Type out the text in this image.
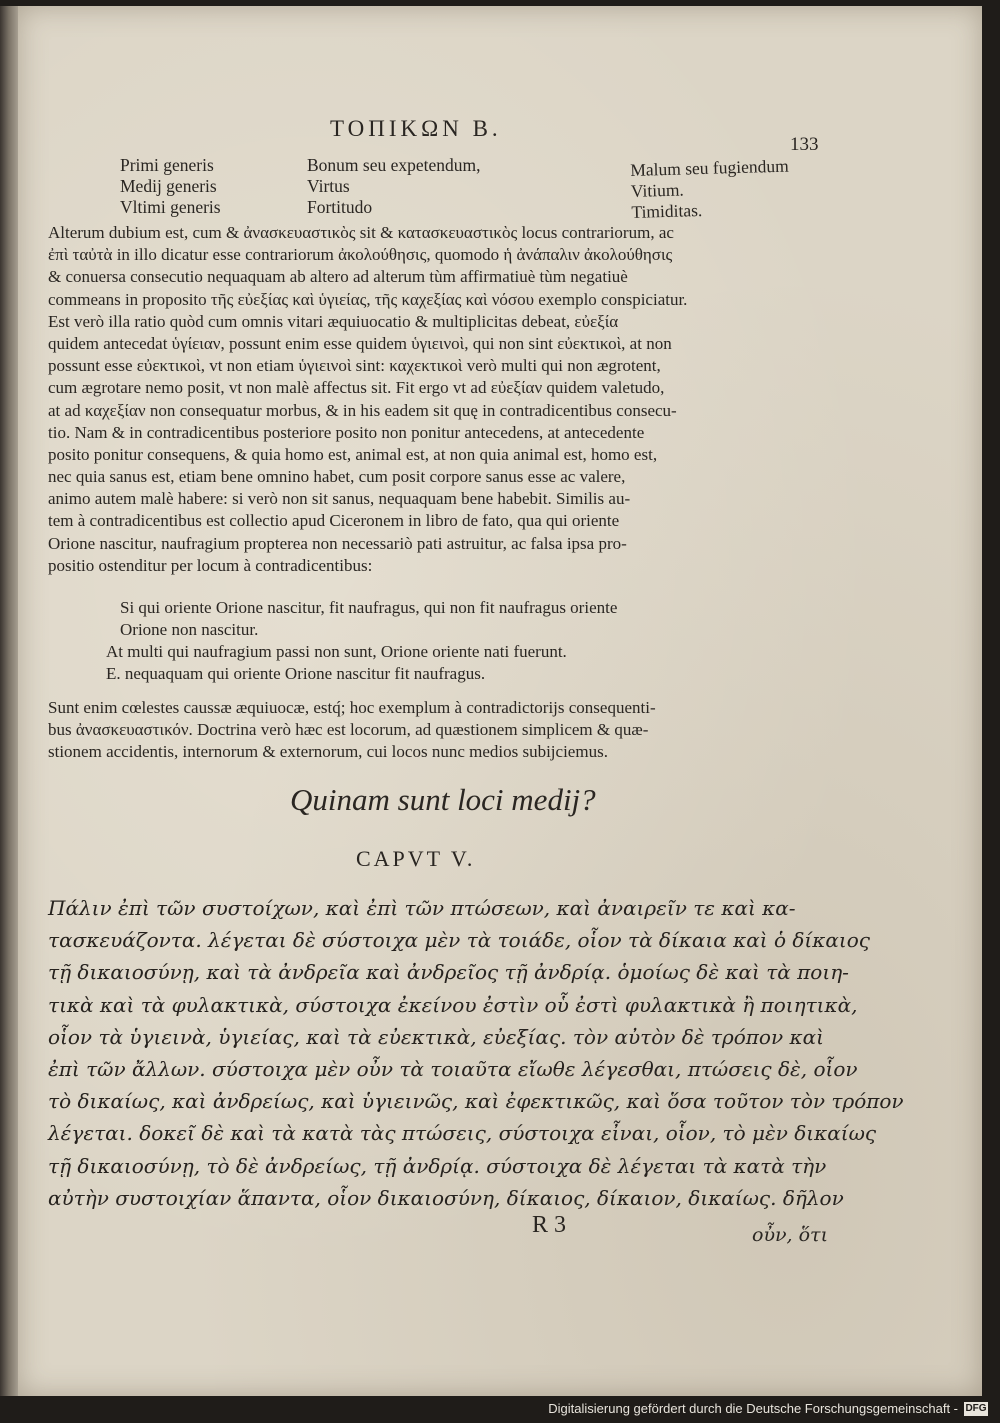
ΤΟΠΙΚΩΝ Β.
133
Primi generis
Medij generis
Vltimi generis
Bonum seu expetendum,
Virtus
Fortitudo
Malum seu fugiendum
Vitium.
Timiditas.
Alterum dubium est, cum & ἀνασκευαστικὸς sit & κατασκευαστικὸς locus contrariorum, ac
ἐπὶ ταὐτὰ in illo dicatur esse contrariorum ἀκολούθησις, quomodo ἡ ἀνάπαλιν ἀκολούθησις
& conuersa consecutio nequaquam ab altero ad alterum tùm affirmatiuè tùm negatiuè
commeans in proposito τῆς εὐεξίας καὶ ὑγιείας, τῆς καχεξίας καὶ νόσου exemplo conspiciatur.
Est verò illa ratio quòd cum omnis vitari æquiuocatio & multiplicitas debeat, εὐεξία
quidem antecedat ὑγίειαν, possunt enim esse quidem ὑγιεινοὶ, qui non sint εὐεκτικοὶ, at non
possunt esse εὐεκτικοὶ, vt non etiam ὑγιεινοὶ sint: καχεκτικοὶ verò multi qui non ægrotent,
cum ægrotare nemo posit, vt non malè affectus sit. Fit ergo vt ad εὐεξίαν quidem valetudo,
at ad καχεξίαν non consequatur morbus, & in his eadem sit quę in contradicentibus consecu-
tio. Nam & in contradicentibus posteriore posito non ponitur antecedens, at antecedente
posito ponitur consequens, & quia homo est, animal est, at non quia animal est, homo est,
nec quia sanus est, etiam bene omnino habet, cum posit corpore sanus esse ac valere,
animo autem malè habere: si verò non sit sanus, nequaquam bene habebit. Similis au-
tem à contradicentibus est collectio apud Ciceronem in libro de fato, qua qui oriente
Orione nascitur, naufragium propterea non necessariò pati astruitur, ac falsa ipsa pro-
positio ostenditur per locum à contradicentibus:
Si qui oriente Orione nascitur, fit naufragus, qui non fit naufragus oriente
Orione non nascitur.
At multi qui naufragium passi non sunt, Orione oriente nati fuerunt.
E. nequaquam qui oriente Orione nascitur fit naufragus.
Sunt enim cœlestes caussæ æquiuocæ, estq́; hoc exemplum à contradictorijs consequenti-
bus ἀνασκευαστικόν. Doctrina verò hæc est locorum, ad quæstionem simplicem & quæ-
stionem accidentis, internorum & externorum, cui locos nunc medios subijciemus.
Quinam sunt loci medij?
CAPVT V.
Πάλιν ἐπὶ τῶν συστοίχων, καὶ ἐπὶ τῶν πτώσεων, καὶ ἀναιρεῖν τε καὶ κα-
τασκευάζοντα. λέγεται δὲ σύστοιχα μὲν τὰ τοιάδε, οἷον τὰ δίκαια καὶ ὁ δίκαιος
τῇ δικαιοσύνῃ, καὶ τὰ ἀνδρεῖα καὶ ἀνδρεῖος τῇ ἀνδρίᾳ. ὁμοίως δὲ καὶ τὰ ποιη-
τικὰ καὶ τὰ φυλακτικὰ, σύστοιχα ἐκείνου ἐστὶν οὗ ἐστὶ φυλακτικὰ ἢ ποιητικὰ,
οἷον τὰ ὑγιεινὰ, ὑγιείας, καὶ τὰ εὐεκτικὰ, εὐεξίας. τὸν αὐτὸν δὲ τρόπον καὶ
ἐπὶ τῶν ἄλλων. σύστοιχα μὲν οὖν τὰ τοιαῦτα εἴωθε λέγεσθαι, πτώσεις δὲ, οἷον
τὸ δικαίως, καὶ ἀνδρείως, καὶ ὑγιεινῶς, καὶ ἐφεκτικῶς, καὶ ὅσα τοῦτον τὸν τρόπον
λέγεται. δοκεῖ δὲ καὶ τὰ κατὰ τὰς πτώσεις, σύστοιχα εἶναι, οἷον, τὸ μὲν δικαίως
τῇ δικαιοσύνῃ, τὸ δὲ ἀνδρείως, τῇ ἀνδρίᾳ. σύστοιχα δὲ λέγεται τὰ κατὰ τὴν
αὐτὴν συστοιχίαν ἅπαντα, οἷον δικαιοσύνη, δίκαιος, δίκαιον, δικαίως. δῆλον
R 3	οὖν, ὅτι
Digitalisierung gefördert durch die Deutsche Forschungsgemeinschaft - DFG
